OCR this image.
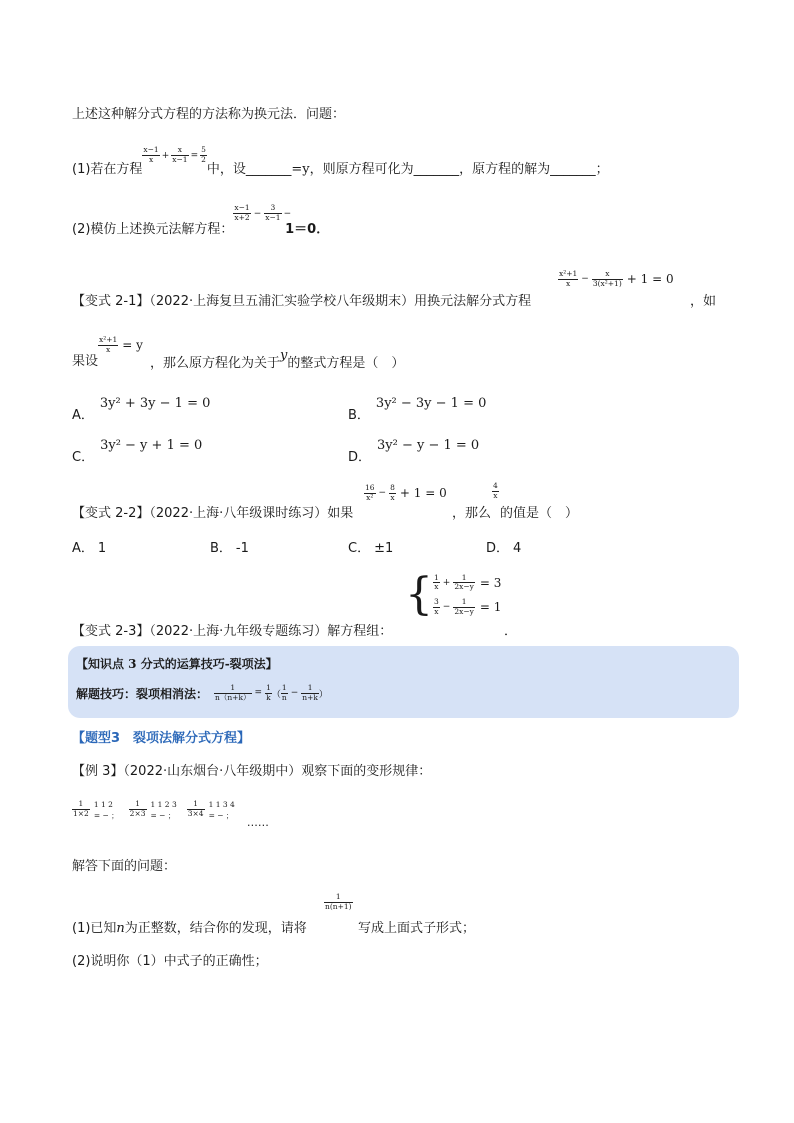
上述这种解分式方程的方法称为换元法．问题：
(1)若在方程
$\frac{x-1}{x} + \frac{x}{x-1} = \frac{5}{2}$
中，设_______=y，则原方程可化为_______，原方程的解为_______；
(2)模仿上述换元法解方程：
$\frac{x-1}{x+2} - \frac{3}{x-1}$ −
1＝0．
【变式 2-1】（2022·上海复旦五浦汇实验学校八年级期末）用换元法解分式方程
$\frac{\text{x²+1}}{x} - \frac{x}{\text{3(x²+1)}} + 1 = 0$
，如
果设
$\frac{\text{x²+1}}{x} = y$
，那么原方程化为关于y的整式方程是（　）
A．3y² + 3y − 1 = 0
B．3y² − 3y − 1 = 0
C．3y² − y + 1 = 0
D．3y² − y − 1 = 0
【变式 2-2】（2022·上海·八年级课时练习）如果
$\frac{16}{\text{x²}} - \frac{8}{x} + 1 = 0$
，那么
$\frac{4}{x}$
的值是（　）
A． 1	B． -1	C． ±1	D． 4
【变式 2-3】（2022·上海·九年级专题练习）解方程组：
{ $\frac{1}{x} + \frac{1}{2x-y} = 3$
$\frac{3}{x} - \frac{1}{2x-y} = 1$
．
【知识点 3 分式的运算技巧-裂项法】
解题技巧：裂项相消法： $\frac{1}{n(n+k)} = \frac{1}{k}$ （ $\frac{1}{n} - \frac{1}{n+k}$ ）
【题型3　裂项法解分式方程】
【例 3】（2022·山东烟台·八年级期中）观察下面的变形规律：
$\frac{1}{1\times 2} 1$ 1 2
= − ； $\frac{1}{2\times 3} 1$ 1 2 3
= − ； $\frac{1}{3\times 4} 1$ 1 3 4
= − ；
……
解答下面的问题：
(1)已知n为正整数，结合你的发现，请将
$\frac{1}{n(n+1)}$
写成上面式子形式；
(2)说明你（1）中式子的正确性；
